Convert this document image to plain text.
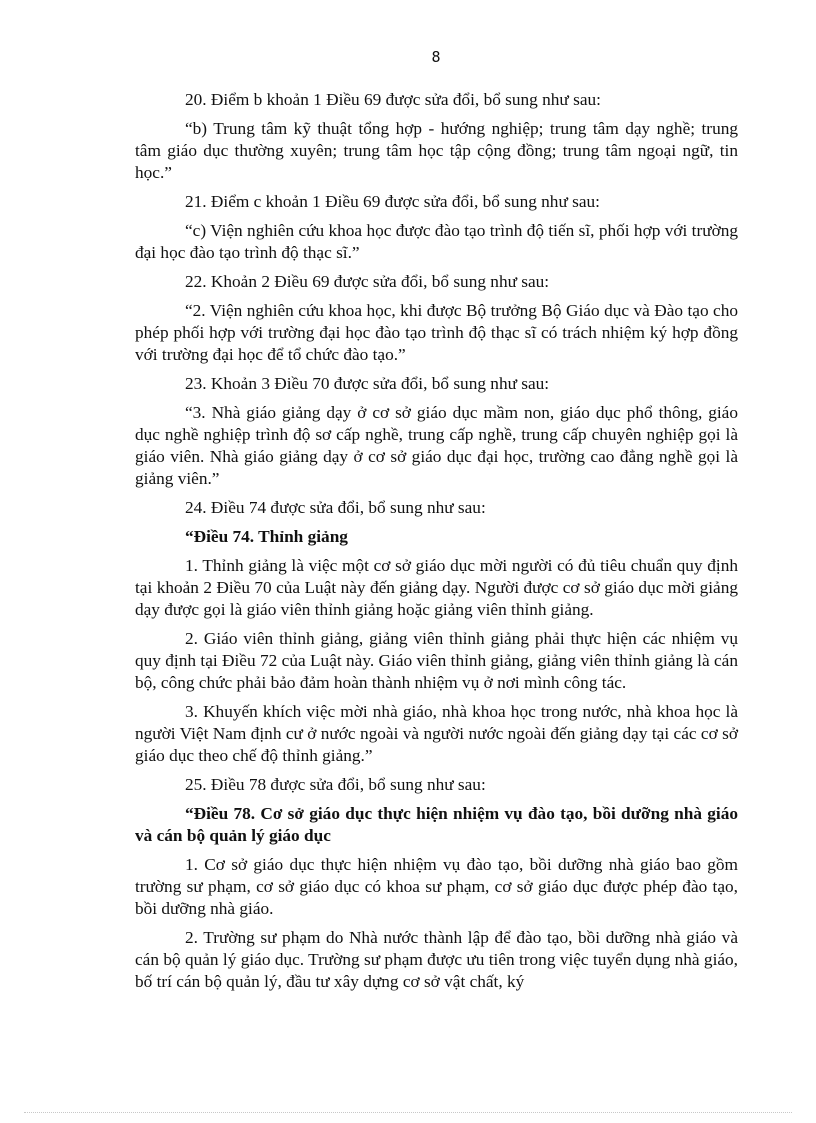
8

20. Điểm b khoản 1 Điều 69 được sửa đổi, bổ sung như sau:

“b) Trung tâm kỹ thuật tổng hợp - hướng nghiệp; trung tâm dạy nghề; trung tâm giáo dục thường xuyên; trung tâm học tập cộng đồng; trung tâm ngoại ngữ, tin học.”

21. Điểm c khoản 1 Điều 69 được sửa đổi, bổ sung như sau:

“c) Viện nghiên cứu khoa học được đào tạo trình độ tiến sĩ, phối hợp với trường đại học đào tạo trình độ thạc sĩ.”

22. Khoản 2 Điều 69 được sửa đổi, bổ sung như sau:

“2. Viện nghiên cứu khoa học, khi được Bộ trưởng Bộ Giáo dục và Đào tạo cho phép phối hợp với trường đại học đào tạo trình độ thạc sĩ có trách nhiệm ký hợp đồng với trường đại học để tổ chức đào tạo.”

23. Khoản 3 Điều 70 được sửa đổi, bổ sung như sau:

“3. Nhà giáo giảng dạy ở cơ sở giáo dục mầm non, giáo dục phổ thông, giáo dục nghề nghiệp trình độ sơ cấp nghề, trung cấp nghề, trung cấp chuyên nghiệp gọi là giáo viên. Nhà giáo giảng dạy ở cơ sở giáo dục đại học, trường cao đẳng nghề gọi là giảng viên.”

24. Điều 74 được sửa đổi, bổ sung như sau:

“Điều 74. Thỉnh giảng

1. Thỉnh giảng là việc một cơ sở giáo dục mời người có đủ tiêu chuẩn quy định tại khoản 2 Điều 70 của Luật này đến giảng dạy. Người được cơ sở giáo dục mời giảng dạy được gọi là giáo viên thỉnh giảng hoặc giảng viên thỉnh giảng.

2. Giáo viên thỉnh giảng, giảng viên thỉnh giảng phải thực hiện các nhiệm vụ quy định tại Điều 72 của Luật này. Giáo viên thỉnh giảng, giảng viên thỉnh giảng là cán bộ, công chức phải bảo đảm hoàn thành nhiệm vụ ở nơi mình công tác.

3. Khuyến khích việc mời nhà giáo, nhà khoa học trong nước, nhà khoa học là người Việt Nam định cư ở nước ngoài và người nước ngoài đến giảng dạy tại các cơ sở giáo dục theo chế độ thỉnh giảng.”

25. Điều 78 được sửa đổi, bổ sung như sau:

“Điều 78. Cơ sở giáo dục thực hiện nhiệm vụ đào tạo, bồi dưỡng nhà giáo và cán bộ quản lý giáo dục

1. Cơ sở giáo dục thực hiện nhiệm vụ đào tạo, bồi dưỡng nhà giáo bao gồm trường sư phạm, cơ sở giáo dục có khoa sư phạm, cơ sở giáo dục được phép đào tạo, bồi dưỡng nhà giáo.

2. Trường sư phạm do Nhà nước thành lập để đào tạo, bồi dưỡng nhà giáo và cán bộ quản lý giáo dục. Trường sư phạm được ưu tiên trong việc tuyển dụng nhà giáo, bố trí cán bộ quản lý, đầu tư xây dựng cơ sở vật chất, ký
